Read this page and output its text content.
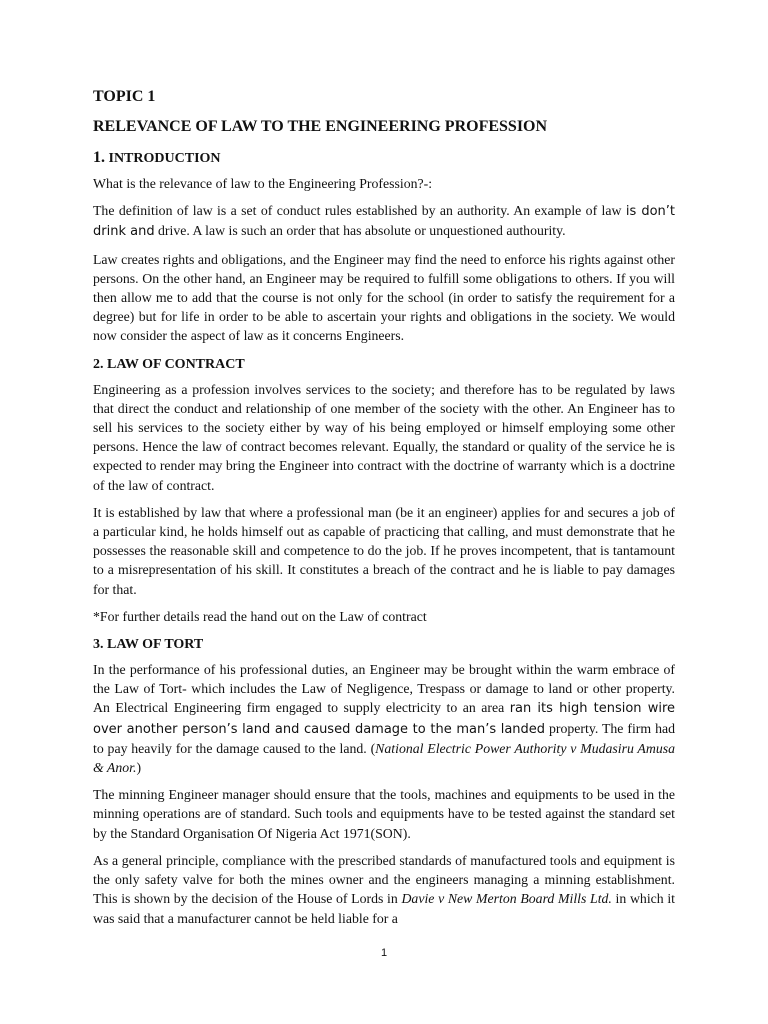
TOPIC 1
RELEVANCE OF LAW TO THE ENGINEERING PROFESSION
1. INTRODUCTION

What is the relevance of law to the Engineering Profession?-:

The definition of law is a set of conduct rules established by an authority. An example of law is don’t drink and drive. A law is such an order that has absolute or unquestioned authourity.

Law creates rights and obligations, and the Engineer may find the need to enforce his rights against other persons. On the other hand, an Engineer may be required to fulfill some obligations to others. If you will then allow me to add that the course is not only for the school (in order to satisfy the requirement for a degree) but for life in order to be able to ascertain your rights and obligations in the society. We would now consider the aspect of law as it concerns Engineers.

2. LAW OF CONTRACT

Engineering as a profession involves services to the society; and therefore has to be regulated by laws that direct the conduct and relationship of one member of the society with the other. An Engineer has to sell his services to the society either by way of his being employed or himself employing some other persons. Hence the law of contract becomes relevant. Equally, the standard or quality of the service he is expected to render may bring the Engineer into contract with the doctrine of warranty which is a doctrine of the law of contract.

It is established by law that where a professional man (be it an engineer) applies for and secures a job of a particular kind, he holds himself out as capable of practicing that calling, and must demonstrate that he possesses the reasonable skill and competence to do the job. If he proves incompetent, that is tantamount to a misrepresentation of his skill. It constitutes a breach of the contract and he is liable to pay damages for that.

*For further details read the hand out on the Law of contract

3. LAW OF TORT

In the performance of his professional duties, an Engineer may be brought within the warm embrace of the Law of Tort- which includes the Law of Negligence, Trespass or damage to land or other property. An Electrical Engineering firm engaged to supply electricity to an area ran its high tension wire over another person’s land and caused damage to the man’s landed property. The firm had to pay heavily for the damage caused to the land. (National Electric Power Authority v Mudasiru Amusa & Anor.)

The minning Engineer manager should ensure that the tools, machines and equipments to be used in the minning operations are of standard. Such tools and equipments have to be tested against the standard set by the Standard Organisation Of Nigeria Act 1971(SON).

As a general principle, compliance with the prescribed standards of manufactured tools and equipment is the only safety valve for both the mines owner and the engineers managing a minning establishment. This is shown by the decision of the House of Lords in Davie v New Merton Board Mills Ltd. in which it was said that a manufacturer cannot be held liable for a

1
